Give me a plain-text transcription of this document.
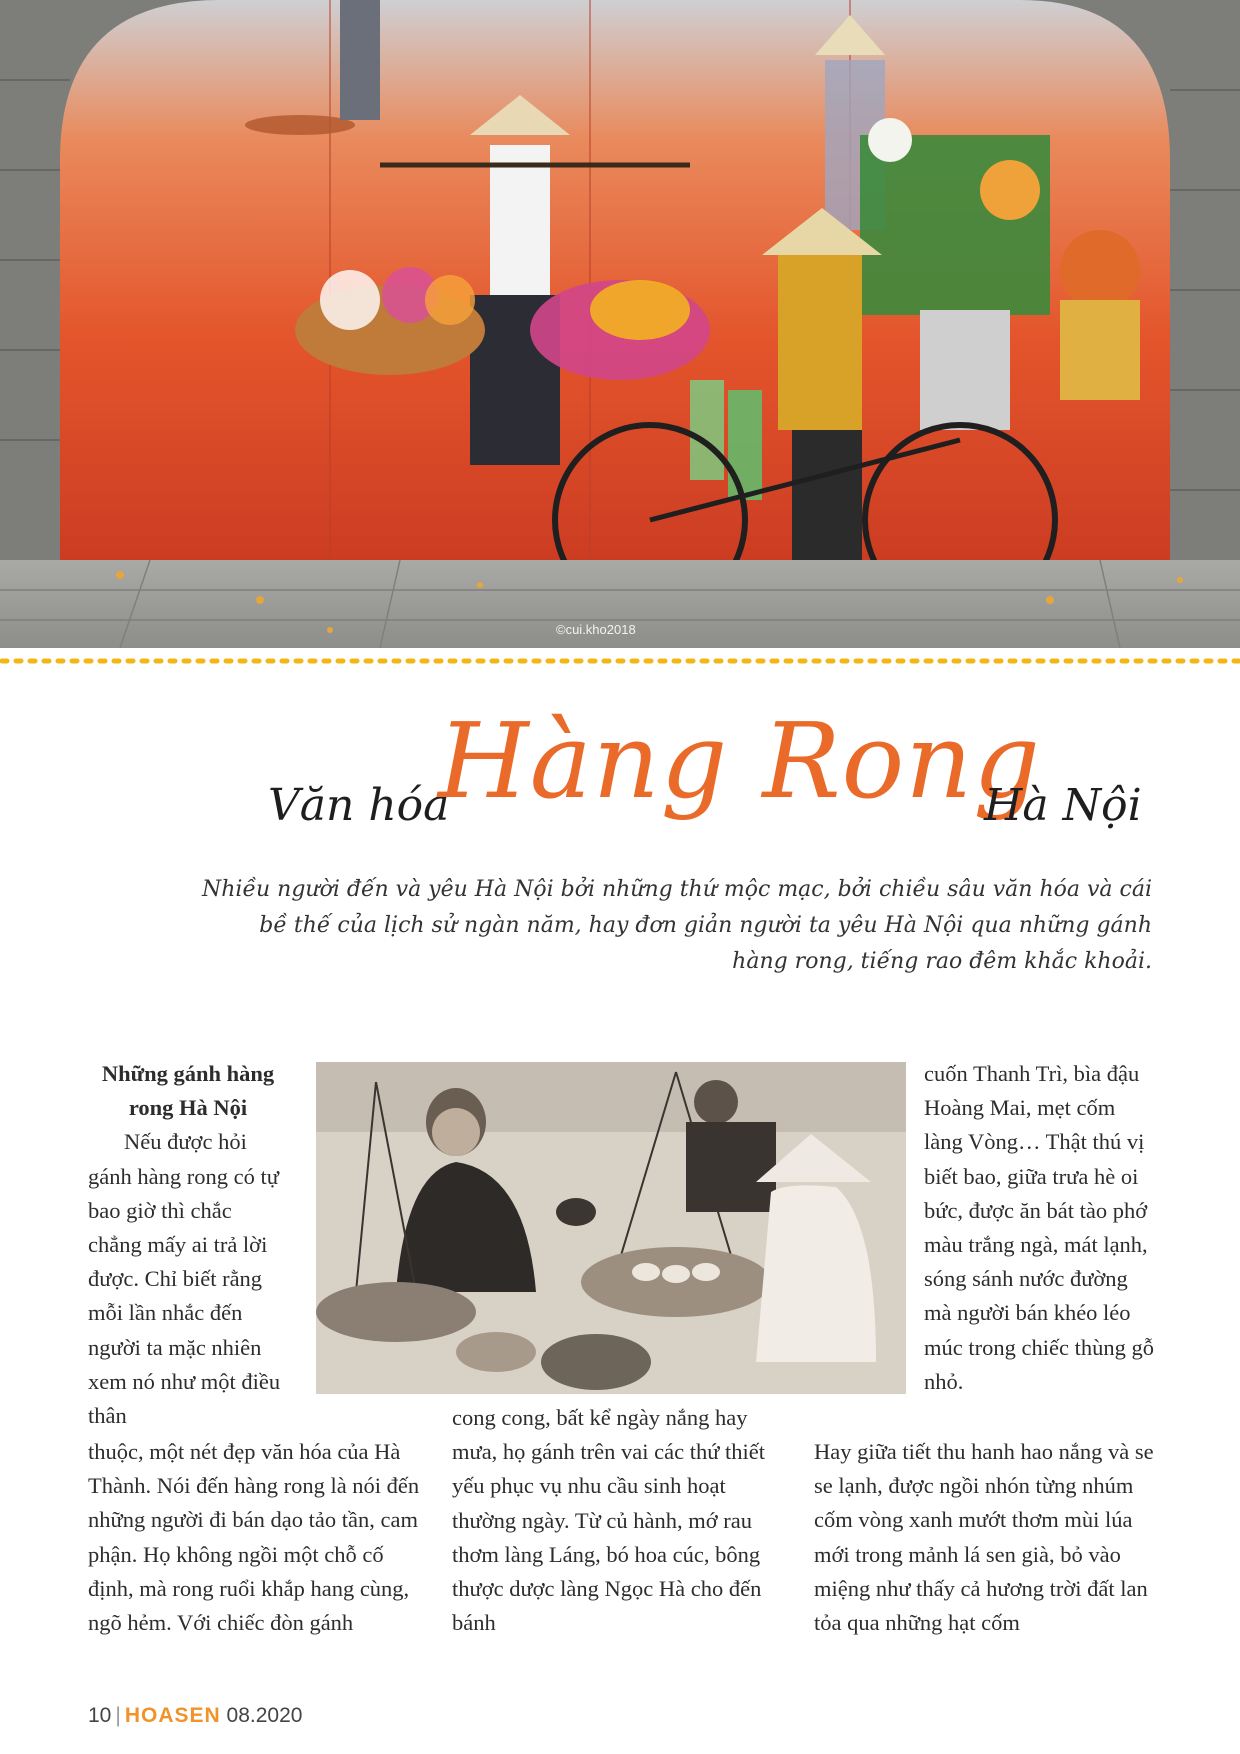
©cui.kho2018
Văn hóa
Hàng Rong
Hà Nội
Nhiều người đến và yêu Hà Nội bởi những thứ mộc mạc, bởi chiều sâu văn hóa và cái bề thế của lịch sử ngàn năm, hay đơn giản người ta yêu Hà Nội qua những gánh hàng rong, tiếng rao đêm khắc khoải.

Những gánh hàng rong Hà Nội

Nếu được hỏi gánh hàng rong có tự bao giờ thì chắc chẳng mấy ai trả lời được. Chỉ biết rằng mỗi lần nhắc đến người ta mặc nhiên xem nó như một điều thân

thuộc, một nét đẹp văn hóa của Hà Thành. Nói đến hàng rong là nói đến những người đi bán dạo tảo tần, cam phận. Họ không ngồi một chỗ cố định, mà rong ruổi khắp hang cùng, ngõ hẻm. Với chiếc đòn gánh

cong cong, bất kể ngày nắng hay mưa, họ gánh trên vai các thứ thiết yếu phục vụ nhu cầu sinh hoạt thường ngày. Từ củ hành, mớ rau thơm làng Láng, bó hoa cúc, bông thược dược làng Ngọc Hà cho đến bánh

cuốn Thanh Trì, bìa đậu Hoàng Mai, mẹt cốm làng Vòng… Thật thú vị biết bao, giữa trưa hè oi bức, được ăn bát tào phớ màu trắng ngà, mát lạnh, sóng sánh nước đường mà người bán khéo léo múc trong chiếc thùng gỗ nhỏ.

Hay giữa tiết thu hanh hao nắng và se se lạnh, được ngồi nhón từng nhúm cốm vòng xanh mướt thơm mùi lúa mới trong mảnh lá sen già, bỏ vào miệng như thấy cả hương trời đất lan tỏa qua những hạt cốm

10 | HOASEN 08.2020
